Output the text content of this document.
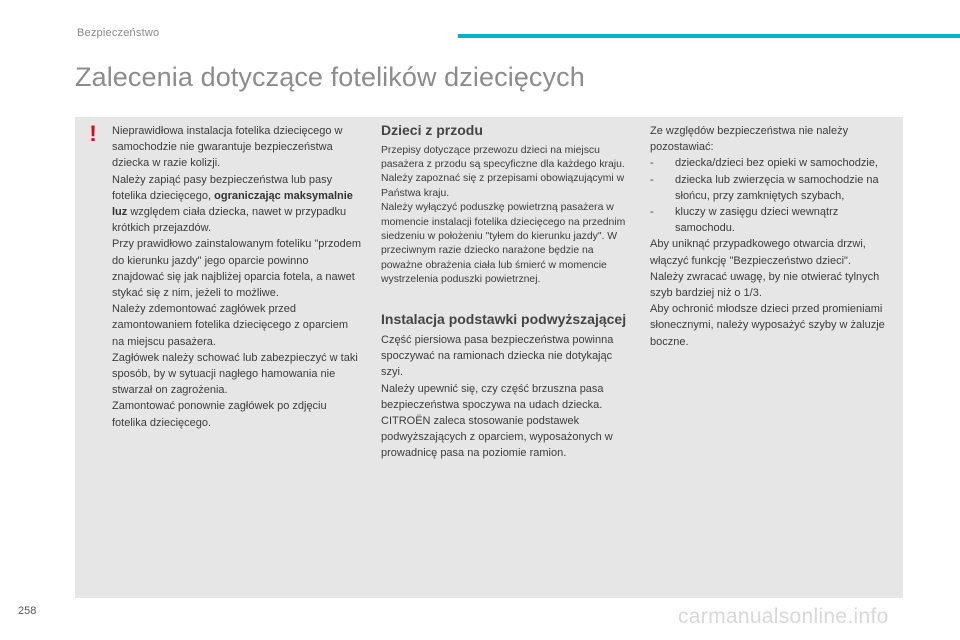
Bezpieczeństwo
Zalecenia dotyczące fotelików dziecięcych
! Nieprawidłowa instalacja fotelika dziecięcego w samochodzie nie gwarantuje bezpieczeństwa dziecka w razie kolizji.

Należy zapiąć pasy bezpieczeństwa lub pasy fotelika dziecięcego, ograniczając maksymalnie luz względem ciała dziecka, nawet w przypadku krótkich przejazdów.

Przy prawidłowo zainstalowanym foteliku "przodem do kierunku jazdy" jego oparcie powinno znajdować się jak najbliżej oparcia fotela, a nawet stykać się z nim, jeżeli to możliwe.

Należy zdemontować zagłówek przed zamontowaniem fotelika dziecięcego z oparciem na miejscu pasażera.

Zagłówek należy schować lub zabezpieczyć w taki sposób, by w sytuacji nagłego hamowania nie stwarzał on zagrożenia.

Zamontować ponownie zagłówek po zdjęciu fotelika dziecięcego.

Dzieci z przodu

Przepisy dotyczące przewozu dzieci na miejscu pasażera z przodu są specyficzne dla każdego kraju. Należy zapoznać się z przepisami obowiązującymi w Państwa kraju.

Należy wyłączyć poduszkę powietrzną pasażera w momencie instalacji fotelika dziecięcego na przednim siedzeniu w położeniu "tyłem do kierunku jazdy". W przeciwnym razie dziecko narażone będzie na poważne obrażenia ciała lub śmierć w momencie wystrzelenia poduszki powietrznej.

Instalacja podstawki podwyższającej

Część piersiowa pasa bezpieczeństwa powinna spoczywać na ramionach dziecka nie dotykając szyi.

Należy upewnić się, czy część brzuszna pasa bezpieczeństwa spoczywa na udach dziecka.

CITROËN zaleca stosowanie podstawek podwyższających z oparciem, wyposażonych w prowadnicę pasa na poziomie ramion.

Ze względów bezpieczeństwa nie należy pozostawiać:

- dziecka/dzieci bez opieki w samochodzie,
- dziecka lub zwierzęcia w samochodzie na słońcu, przy zamkniętych szybach,
- kluczy w zasięgu dzieci wewnątrz samochodu.

Aby uniknąć przypadkowego otwarcia drzwi, włączyć funkcję "Bezpieczeństwo dzieci".

Należy zwracać uwagę, by nie otwierać tylnych szyb bardziej niż o 1/3.

Aby ochronić młodsze dzieci przed promieniami słonecznymi, należy wyposażyć szyby w żaluzje boczne.

258	carmanualsonline.info
